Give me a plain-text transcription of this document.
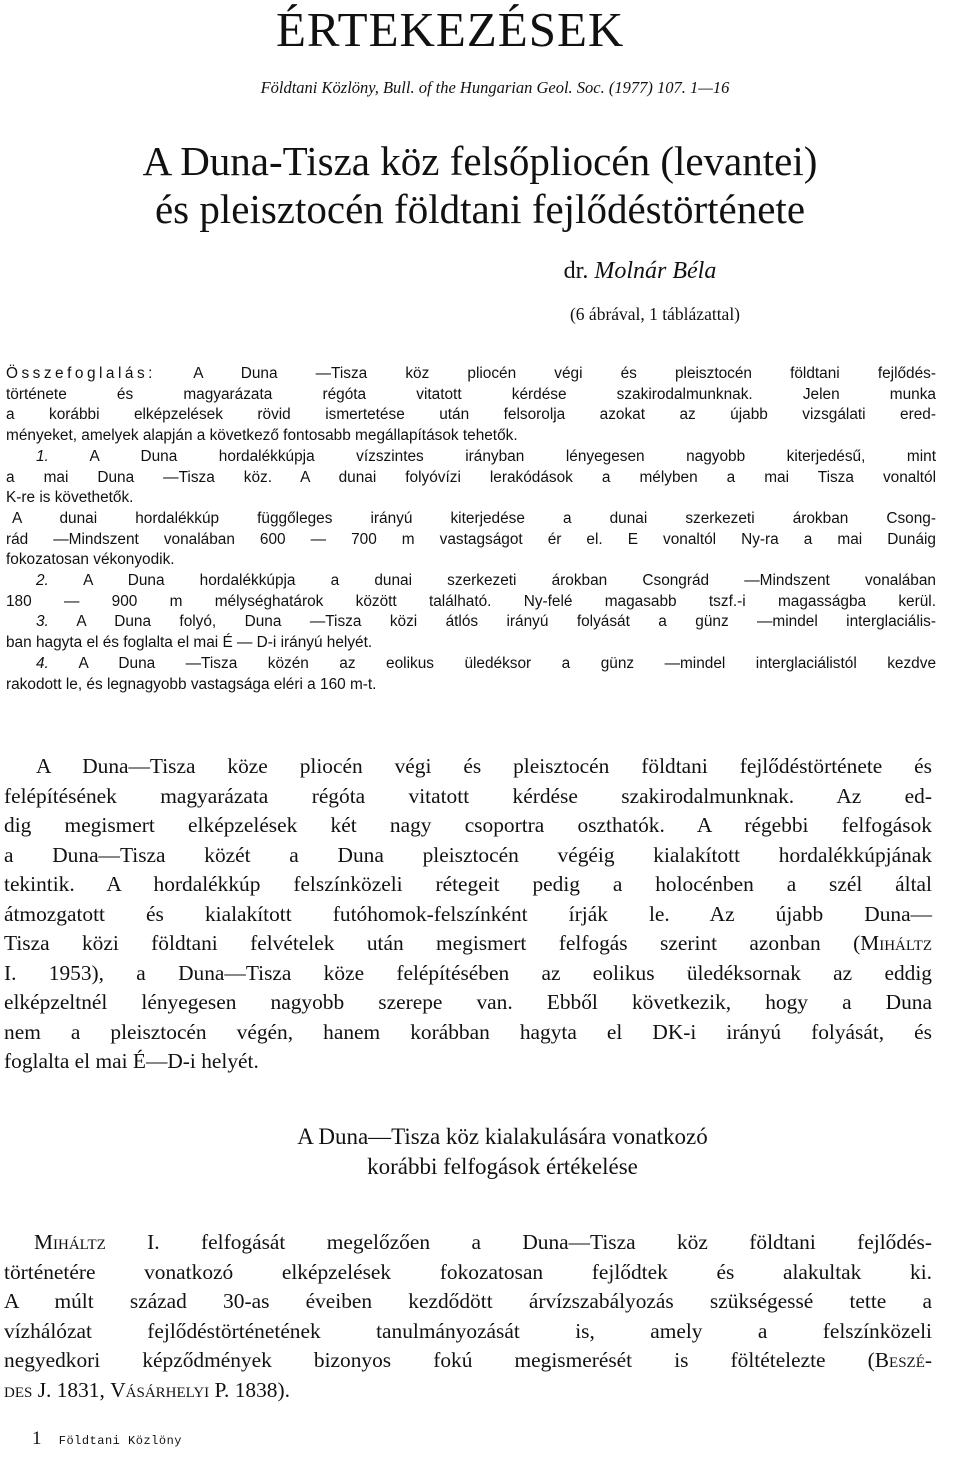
ÉRTEKEZÉSEK
Földtani Közlöny, Bull. of the Hungarian Geol. Soc. (1977) 107. 1—16
A Duna-Tisza köz felsőpliocén (levantei)
és pleisztocén földtani fejlődéstörténete
dr. Molnár Béla
(6 ábrával, 1 táblázattal)
Összefoglalás: A Duna —Tisza köz pliocén végi és pleisztocén földtani fejlődés-
története és magyarázata régóta vitatott kérdése szakirodalmunknak. Jelen munka
a korábbi elképzelések rövid ismertetése után felsorolja azokat az újabb vizsgálati ered-
ményeket, amelyek alapján a következő fontosabb megállapítások tehetők.
1. A Duna hordalékkúpja vízszintes irányban lényegesen nagyobb kiterjedésű, mint
a mai Duna —Tisza köz. A dunai folyóvízi lerakódások a mélyben a mai Tisza vonaltól
K-re is követhetők.
A dunai hordalékkúp függőleges irányú kiterjedése a dunai szerkezeti árokban Csong-
rád —Mindszent vonalában 600 — 700 m vastagságot ér el. E vonaltól Ny-ra a mai Dunáig
fokozatosan vékonyodik.
2. A Duna hordalékkúpja a dunai szerkezeti árokban Csongrád —Mindszent vonalában
180 — 900 m mélységhatárok között található. Ny-felé magasabb tszf.-i magasságba kerül.
3. A Duna folyó, Duna —Tisza közi átlós irányú folyását a günz —mindel interglaciális-
ban hagyta el és foglalta el mai É — D-i irányú helyét.
4. A Duna —Tisza közén az eolikus üledéksor a günz —mindel interglaciálistól kezdve
rakodott le, és legnagyobb vastagsága eléri a 160 m-t.
A Duna—Tisza köze pliocén végi és pleisztocén földtani fejlődéstörténete és
felépítésének magyarázata régóta vitatott kérdése szakirodalmunknak. Az ed-
dig megismert elképzelések két nagy csoportra oszthatók. A régebbi felfogások
a Duna—Tisza közét a Duna pleisztocén végéig kialakított hordalékkúpjának
tekintik. A hordalékkúp felszínközeli rétegeit pedig a holocénben a szél által
átmozgatott és kialakított futóhomok-felszínként írják le. Az újabb Duna—
Tisza közi földtani felvételek után megismert felfogás szerint azonban (Miháltz
I. 1953), a Duna—Tisza köze felépítésében az eolikus üledéksornak az eddig
elképzeltnél lényegesen nagyobb szerepe van. Ebből következik, hogy a Duna
nem a pleisztocén végén, hanem korábban hagyta el DK-i irányú folyását, és
foglalta el mai É—D-i helyét.
A Duna—Tisza köz kialakulására vonatkozó
korábbi felfogások értékelése
Miháltz I. felfogását megelőzően a Duna—Tisza köz földtani fejlődés-
történetére vonatkozó elképzelések fokozatosan fejlődtek és alakultak ki.
A múlt század 30-as éveiben kezdődött árvízszabályozás szükségessé tette a
vízhálózat fejlődéstörténetének tanulmányozását is, amely a felszínközeli
negyedkori képződmények bizonyos fokú megismerését is föltételezte (Beszé-
des J. 1831, Vásárhelyi P. 1838).
1 Földtani Közlöny
